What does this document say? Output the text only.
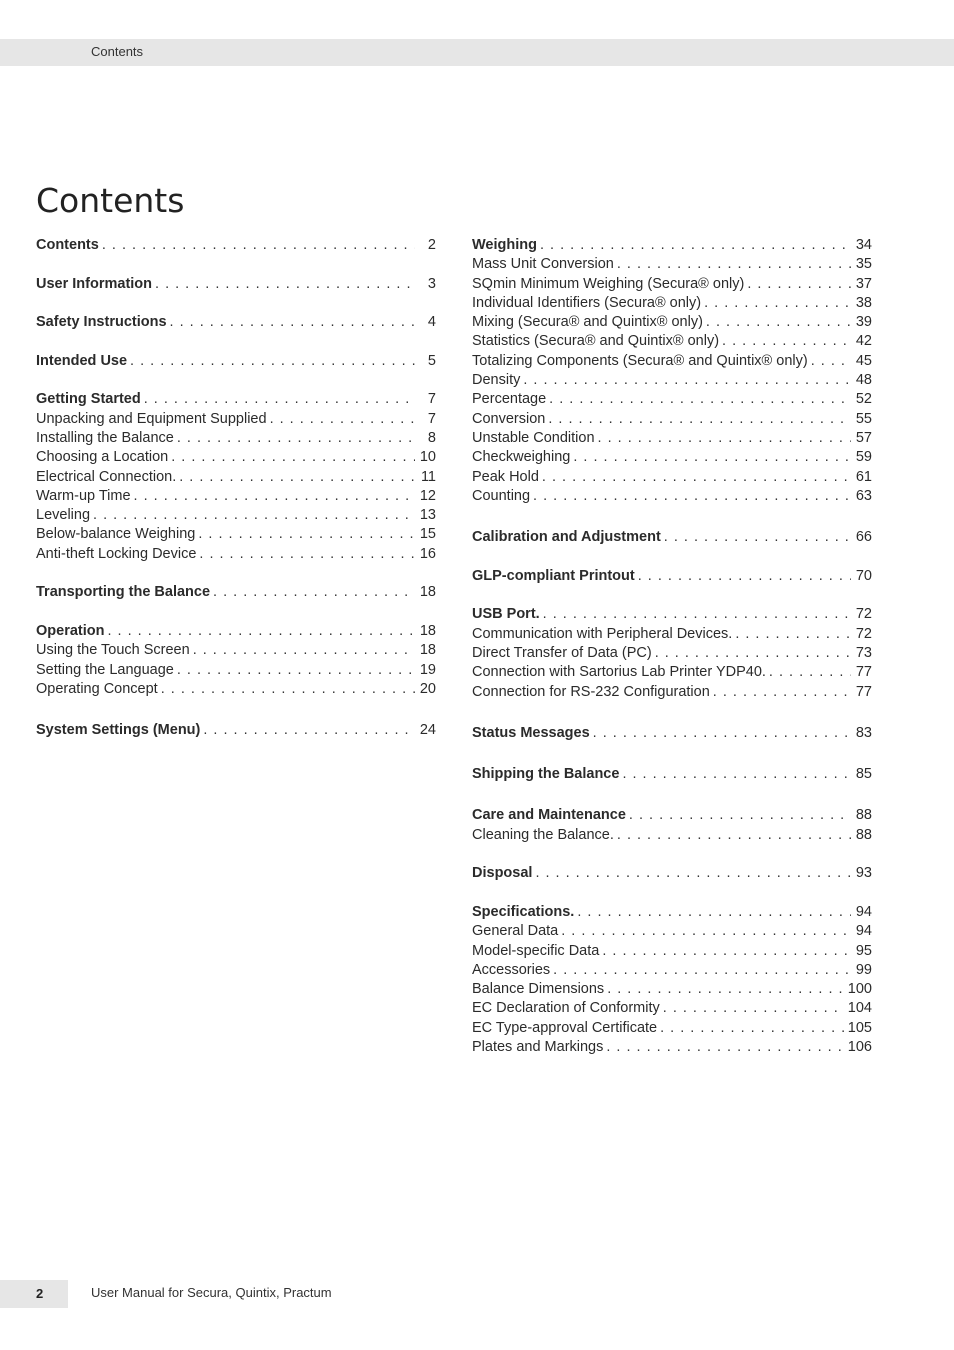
Contents
Contents
Contents . . .	2
User Information . . .	3
Safety Instructions . . .	4
Intended Use . . .	5
Getting Started . . .	7
Unpacking and Equipment Supplied . . .	7
Installing the Balance . . .	8
Choosing a Location . . .	10
Electrical Connection. . . .	11
Warm-up Time . . .	12
Leveling . . .	13
Below-balance Weighing . . .	15
Anti-theft Locking Device . . .	16
Transporting the Balance . . .	18
Operation . . .	18
Using the Touch Screen . . .	18
Setting the Language . . .	19
Operating Concept . . .	20
System Settings (Menu) . . .	24
Weighing . . .	34
Mass Unit Conversion . . .	35
SQmin Minimum Weighing (Secura® only) . . .	37
Individual Identifiers (Secura® only) . . .	38
Mixing (Secura® and Quintix® only) . . .	39
Statistics (Secura® and Quintix® only) . . .	42
Totalizing Components (Secura® and Quintix® only) . . .	45
Density . . .	48
Percentage . . .	52
Conversion . . .	55
Unstable Condition . . .	57
Checkweighing . . .	59
Peak Hold . . .	61
Counting . . .	63
Calibration and Adjustment . . .	66
GLP-compliant Printout . . .	70
USB Port. . . .	72
Communication with Peripheral Devices. . . .	72
Direct Transfer of Data (PC) . . .	73
Connection with Sartorius Lab Printer YDP40. . . .	77
Connection for RS-232 Configuration . . .	77
Status Messages . . .	83
Shipping the Balance . . .	85
Care and Maintenance . . .	88
Cleaning the Balance. . . .	88
Disposal . . .	93
Specifications. . . .	94
General Data . . .	94
Model-specific Data . . .	95
Accessories . . .	99
Balance Dimensions . . .	100
EC Declaration of Conformity . . .	104
EC Type-approval Certificate . . .	105
Plates and Markings . . .	106
2	User Manual for Secura, Quintix, Practum
